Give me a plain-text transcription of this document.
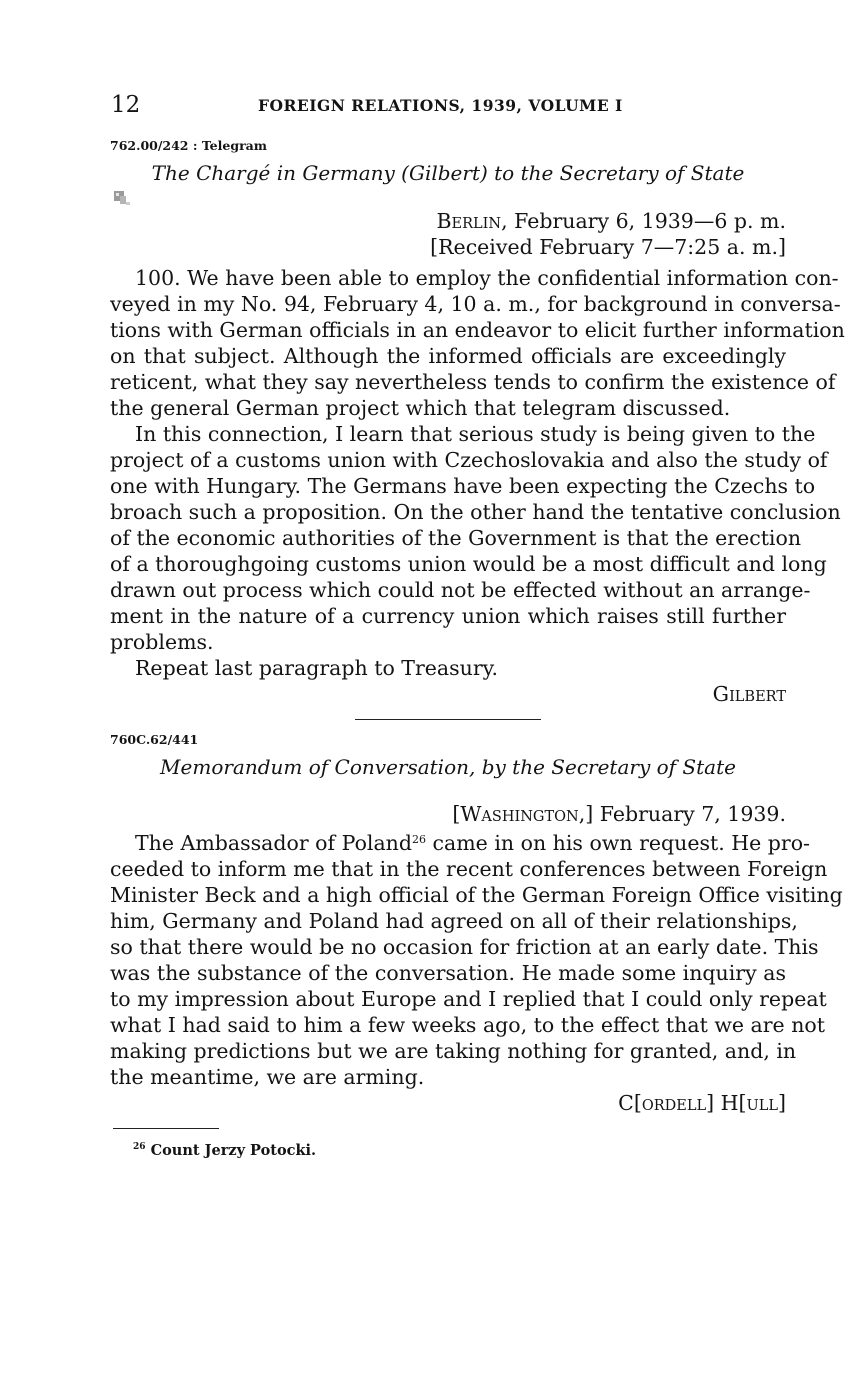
12	FOREIGN RELATIONS, 1939, VOLUME I
762.00/242 : Telegram
The Chargé in Germany (Gilbert) to the Secretary of State
BERLIN, February 6, 1939—6 p. m.
[Received February 7—7:25 a. m.]
100. We have been able to employ the confidential information con-
veyed in my No. 94, February 4, 10 a. m., for background in conversa-
tions with German officials in an endeavor to elicit further information
on that subject. Although the informed officials are exceedingly
reticent, what they say nevertheless tends to confirm the existence of
the general German project which that telegram discussed.
In this connection, I learn that serious study is being given to the
project of a customs union with Czechoslovakia and also the study of
one with Hungary. The Germans have been expecting the Czechs to
broach such a proposition. On the other hand the tentative conclusion
of the economic authorities of the Government is that the erection
of a thoroughgoing customs union would be a most difficult and long
drawn out process which could not be effected without an arrange-
ment in the nature of a currency union which raises still further
problems.
Repeat last paragraph to Treasury.
GILBERT
760C.62/441
Memorandum of Conversation, by the Secretary of State
[WASHINGTON,] February 7, 1939.
The Ambassador of Poland$^{26}$ came in on his own request. He pro-
ceeded to inform me that in the recent conferences between Foreign
Minister Beck and a high official of the German Foreign Office visiting
him, Germany and Poland had agreed on all of their relationships,
so that there would be no occasion for friction at an early date. This
was the substance of the conversation. He made some inquiry as
to my impression about Europe and I replied that I could only repeat
what I had said to him a few weeks ago, to the effect that we are not
making predictions but we are taking nothing for granted, and, in
the meantime, we are arming.
C[ORDELL] H[ULL]
$^{26}$ Count Jerzy Potocki.
